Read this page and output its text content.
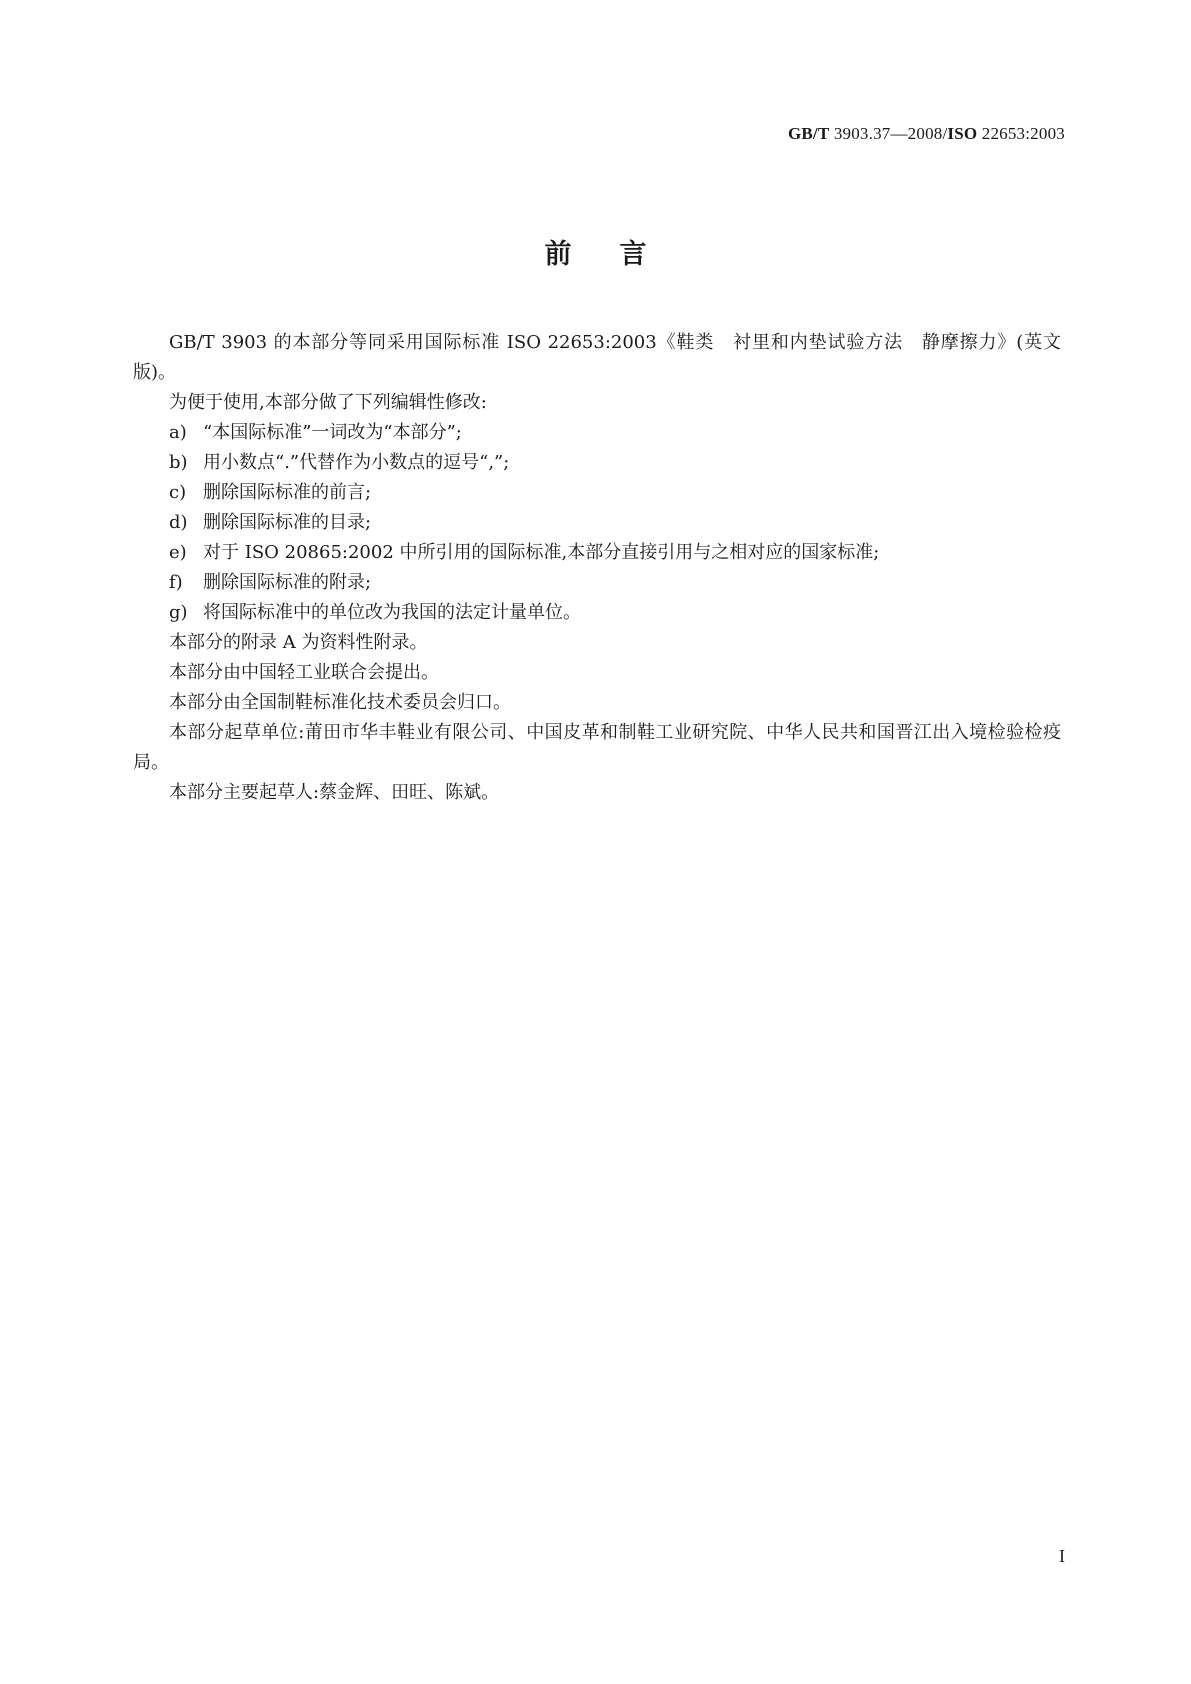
GB/T 3903.37—2008/ISO 22653:2003
前言

GB/T 3903 的本部分等同采用国际标准 ISO 22653:2003《鞋类　衬里和内垫试验方法　静摩擦力》(英文版)。

为便于使用,本部分做了下列编辑性修改:

a) “本国际标准”一词改为“本部分”;

b) 用小数点“.”代替作为小数点的逗号“,”;

c) 删除国际标准的前言;

d) 删除国际标准的目录;

e) 对于 ISO 20865:2002 中所引用的国际标准,本部分直接引用与之相对应的国家标准;

f) 删除国际标准的附录;

g) 将国际标准中的单位改为我国的法定计量单位。

本部分的附录 A 为资料性附录。

本部分由中国轻工业联合会提出。

本部分由全国制鞋标准化技术委员会归口。

本部分起草单位:莆田市华丰鞋业有限公司、中国皮革和制鞋工业研究院、中华人民共和国晋江出入境检验检疫局。

本部分主要起草人:蔡金辉、田旺、陈斌。

I
